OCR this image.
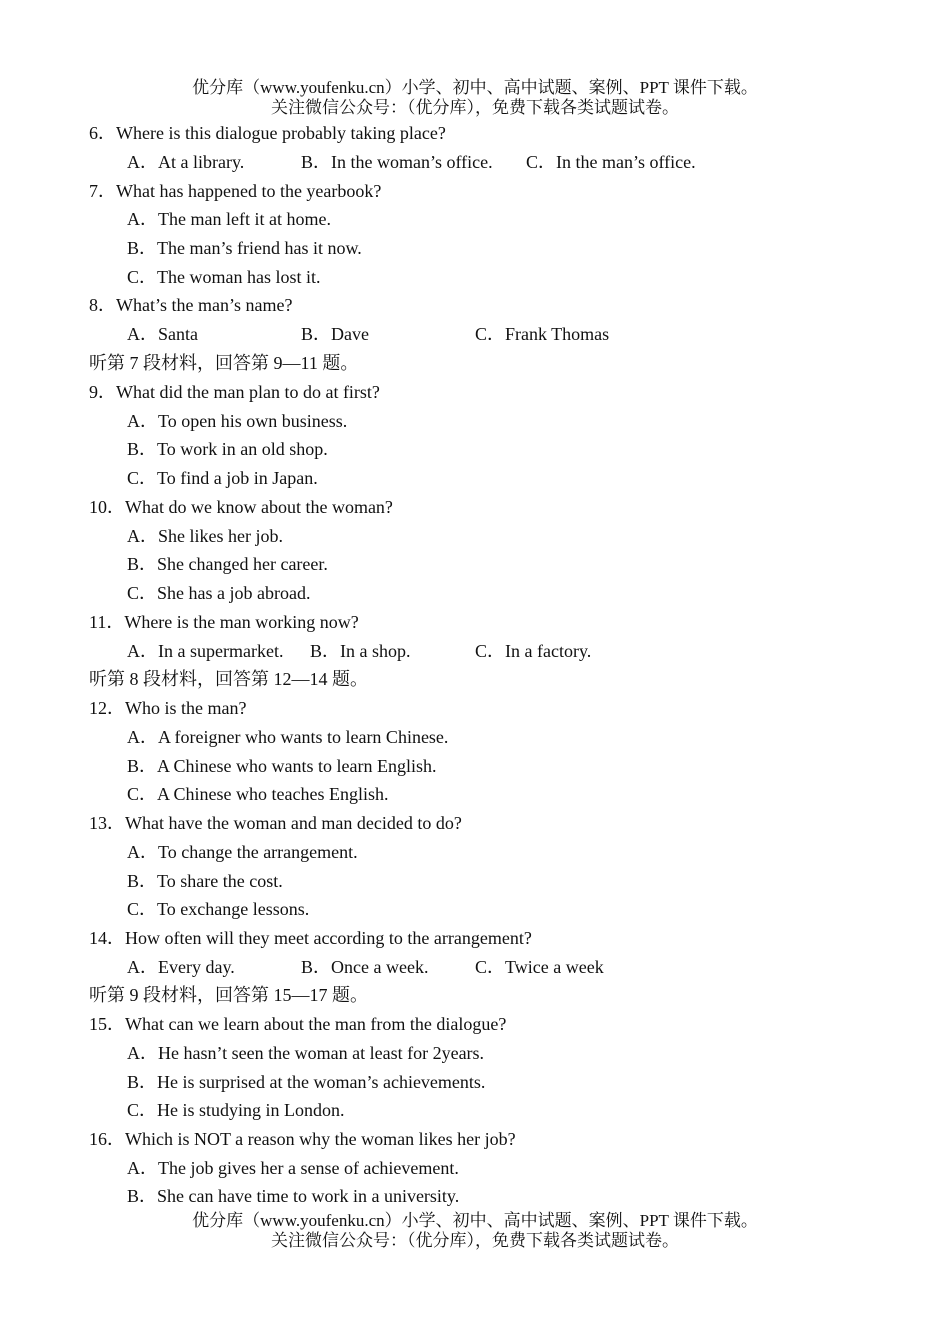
优分库（www.youfenku.cn）小学、初中、高中试题、案例、PPT 课件下载。
关注微信公众号：（优分库），免费下载各类试题试卷。
6．Where is this dialogue probably taking place?
A．At a library.	B．In the woman’s office. C．In the man’s office.
7．What has happened to the yearbook?
A．The man left it at home.
B．The man’s friend has it now.
C．The woman has lost it.
8．What’s the man’s name?
A．Santa	B．Dave	C．Frank Thomas
听第 7 段材料，回答第 9—11 题。
9．What did the man plan to do at first?
A．To open his own business.
B．To work in an old shop.
C．To find a job in Japan.
10．What do we know about the woman?
A．She likes her job.
B．She changed her career.
C．She has a job abroad.
11．Where is the man working now?
A．In a supermarket. B．In a shop.	C．In a factory.
听第 8 段材料，回答第 12—14 题。
12．Who is the man?
A．A foreigner who wants to learn Chinese.
B．A Chinese who wants to learn English.
C．A Chinese who teaches English.
13．What have the woman and man decided to do?
A．To change the arrangement.
B．To share the cost.
C．To exchange lessons.
14．How often will they meet according to the arrangement?
A．Every day.	B．Once a week.	C．Twice a week
听第 9 段材料，回答第 15—17 题。
15．What can we learn about the man from the dialogue?
A．He hasn’t seen the woman at least for 2years.
B．He is surprised at the woman’s achievements.
C．He is studying in London.
16．Which is NOT a reason why the woman likes her job?
A．The job gives her a sense of achievement.
B．She can have time to work in a university.
优分库（www.youfenku.cn）小学、初中、高中试题、案例、PPT 课件下载。
关注微信公众号：（优分库），免费下载各类试题试卷。
